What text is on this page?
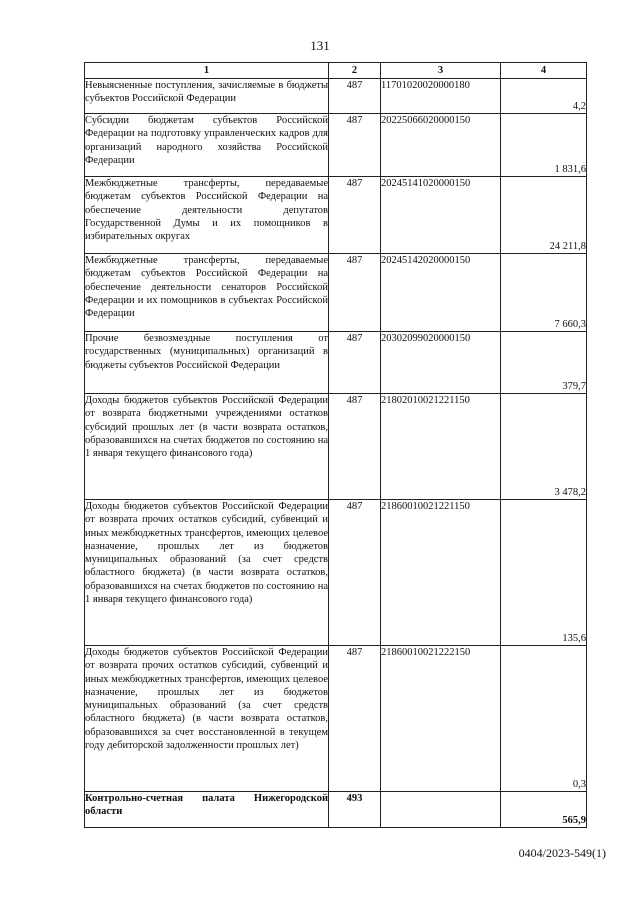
131
1	2	3	4
Невыясненные поступления, зачисляемые в бюджеты субъектов Российской Федерации	487	11701020020000180	4,2
Субсидии бюджетам субъектов Российской Федерации на подготовку управленческих кадров для организаций народного хозяйства Российской Федерации	487	20225066020000150	1 831,6
Межбюджетные трансферты, передаваемые бюджетам субъектов Российской Федерации на обеспечение деятельности депутатов Государственной Думы и их помощников в избирательных округах	487	20245141020000150	24 211,8
Межбюджетные трансферты, передаваемые бюджетам субъектов Российской Федерации на обеспечение деятельности сенаторов Российской Федерации и их помощников в субъектах Российской Федерации	487	20245142020000150	7 660,3
Прочие безвозмездные поступления от государственных (муниципальных) организаций в бюджеты субъектов Российской Федерации	487	20302099020000150	379,7
Доходы бюджетов субъектов Российской Федерации от возврата бюджетными учреждениями остатков субсидий прошлых лет (в части возврата остатков, образовавшихся на счетах бюджетов по состоянию на 1 января текущего финансового года)	487	21802010021221150	3 478,2
Доходы бюджетов субъектов Российской Федерации от возврата прочих остатков субсидий, субвенций и иных межбюджетных трансфертов, имеющих целевое назначение, прошлых лет из бюджетов муниципальных образований (за счет средств областного бюджета) (в части возврата остатков, образовавшихся на счетах бюджетов по состоянию на 1 января текущего финансового года)	487	21860010021221150	135,6
Доходы бюджетов субъектов Российской Федерации от возврата прочих остатков субсидий, субвенций и иных межбюджетных трансфертов, имеющих целевое назначение, прошлых лет из бюджетов муниципальных образований (за счет средств областного бюджета) (в части возврата остатков, образовавшихся за счет восстановленной в текущем году дебиторской задолженности прошлых лет)	487	21860010021222150	0,3
Контрольно-счетная палата Нижегородской области	493		565,9
0404/2023-549(1)
